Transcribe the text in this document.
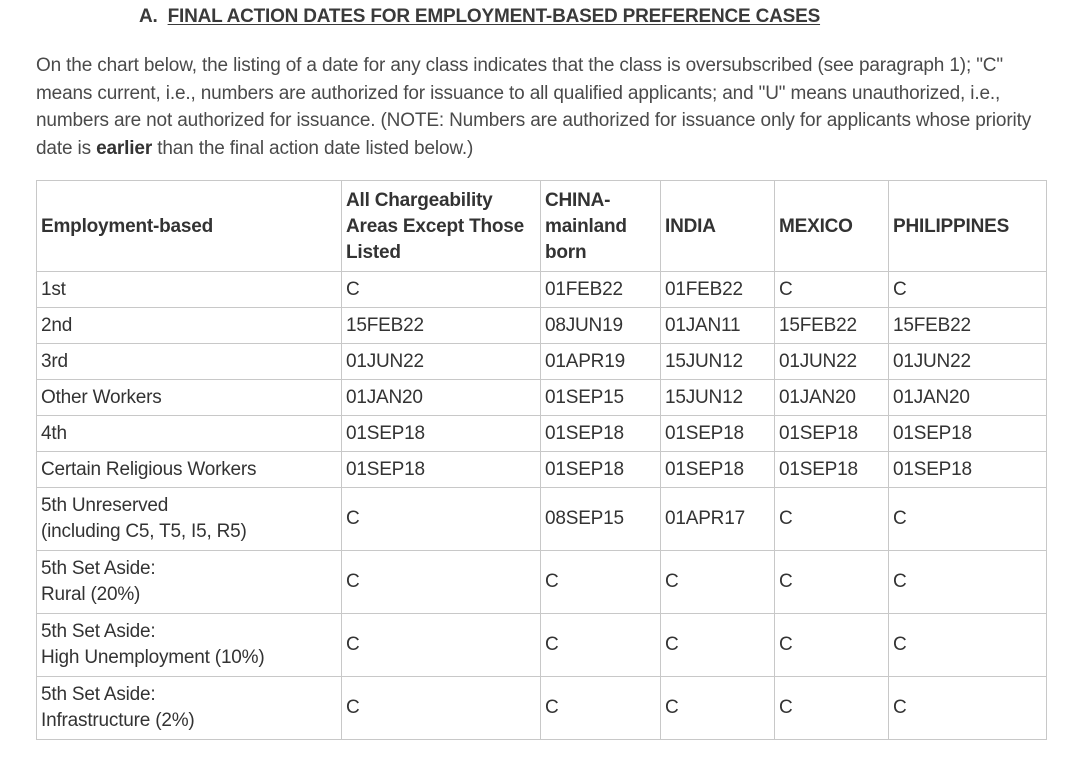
A. FINAL ACTION DATES FOR EMPLOYMENT-BASED PREFERENCE CASES

On the chart below, the listing of a date for any class indicates that the class is oversubscribed (see paragraph 1); "C" means current, i.e., numbers are authorized for issuance to all qualified applicants; and "U" means unauthorized, i.e., numbers are not authorized for issuance. (NOTE: Numbers are authorized for issuance only for applicants whose priority date is earlier than the final action date listed below.)

Employment-based	All Chargeability Areas Except Those Listed	CHINA-mainland born	INDIA	MEXICO	PHILIPPINES

1st	C	01FEB22	01FEB22	C	C

2nd	15FEB22	08JUN19	01JAN11	15FEB22	15FEB22

3rd	01JUN22	01APR19	15JUN12	01JUN22	01JUN22

Other Workers	01JAN20	01SEP15	15JUN12	01JAN20	01JAN20

4th	01SEP18	01SEP18	01SEP18	01SEP18	01SEP18

Certain Religious Workers	01SEP18	01SEP18	01SEP18	01SEP18	01SEP18

5th Unreserved
(including C5, T5, I5, R5)	C	08SEP15	01APR17	C	C

5th Set Aside:
Rural (20%)	C	C	C	C	C

5th Set Aside:
High Unemployment (10%)	C	C	C	C	C

5th Set Aside:
Infrastructure (2%)	C	C	C	C	C
